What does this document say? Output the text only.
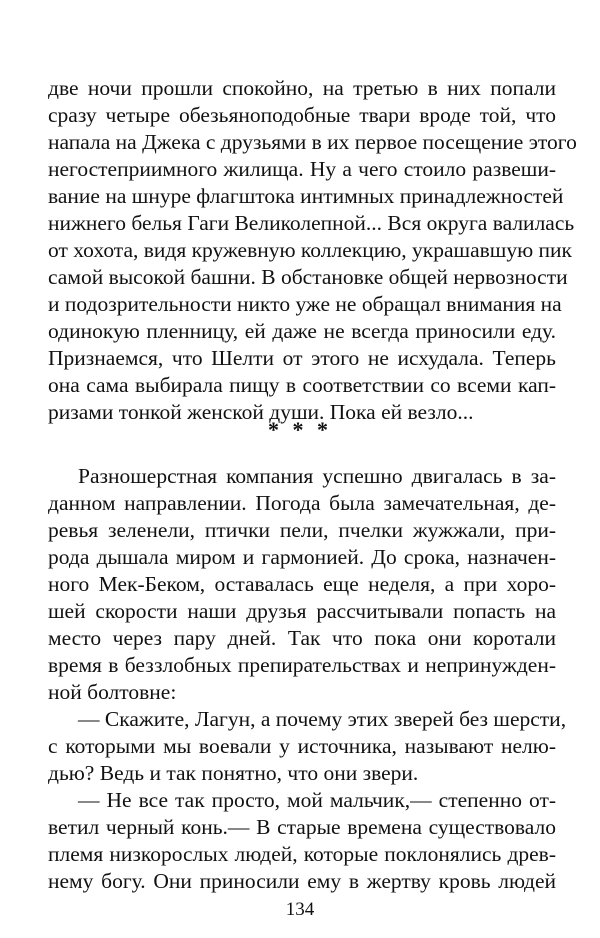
две ночи прошли спокойно, на третью в них попали
сразу четыре обезьяноподобные твари вроде той, что
напала на Джека с друзьями в их первое посещение этого
негостеприимного жилища. Ну а чего стоило развеши-
вание на шнуре флагштока интимных принадлежностей
нижнего белья Гаги Великолепной... Вся округа валилась
от хохота, видя кружевную коллекцию, украшавшую пик
самой высокой башни. В обстановке общей нервозности
и подозрительности никто уже не обращал внимания на
одинокую пленницу, ей даже не всегда приносили еду.
Признаемся, что Шелти от этого не исхудала. Теперь
она сама выбирала пищу в соответствии со всеми кап-
ризами тонкой женской души. Пока ей везло...
* * *
Разношерстная компания успешно двигалась в за-
данном направлении. Погода была замечательная, де-
ревья зеленели, птички пели, пчелки жужжали, при-
рода дышала миром и гармонией. До срока, назначен-
ного Мек-Беком, оставалась еще неделя, а при хоро-
шей скорости наши друзья рассчитывали попасть на
место через пару дней. Так что пока они коротали
время в беззлобных препирательствах и непринужден-
ной болтовне:
— Скажите, Лагун, а почему этих зверей без шерсти,
с которыми мы воевали у источника, называют нелю-
дью? Ведь и так понятно, что они звери.
— Не все так просто, мой мальчик,— степенно от-
ветил черный конь.— В старые времена существовало
племя низкорослых людей, которые поклонялись древ-
нему богу. Они приносили ему в жертву кровь людей
134
